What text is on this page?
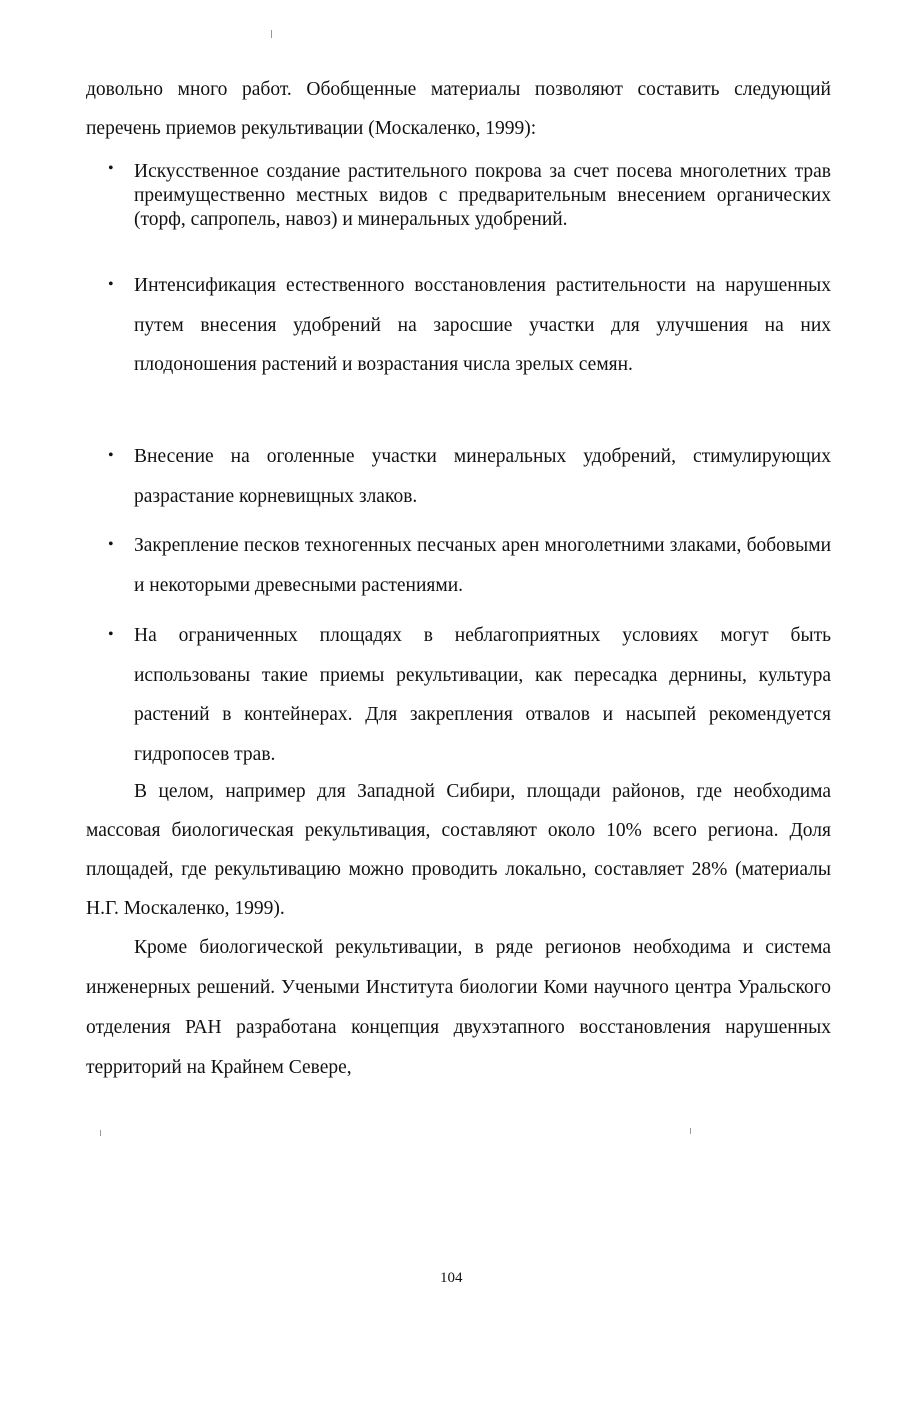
довольно много работ. Обобщенные материалы позволяют составить следующий перечень приемов рекультивации (Москаленко, 1999):

• Искусственное создание растительного покрова за счет посева многолетних трав преимущественно местных видов с предварительным внесением органических (торф, сапропель, навоз) и минеральных удобрений.
• Интенсификация естественного восстановления растительности на нарушенных путем внесения удобрений на заросшие участки для улучшения на них плодоношения растений и возрастания числа зрелых семян.
• Внесение на оголенные участки минеральных удобрений, стимулирующих разрастание корневищных злаков.
• Закрепление песков техногенных песчаных арен многолетними злаками, бобовыми и некоторыми древесными растениями.
• На ограниченных площадях в неблагоприятных условиях могут быть использованы такие приемы рекультивации, как пересадка дернины, культура растений в контейнерах. Для закрепления отвалов и насыпей рекомендуется гидропосев трав.

В целом, например для Западной Сибири, площади районов, где необходима массовая биологическая рекультивация, составляют около 10% всего региона. Доля площадей, где рекультивацию можно проводить локально, составляет 28% (материалы Н.Г. Москаленко, 1999).

Кроме биологической рекультивации, в ряде регионов необходима и система инженерных решений. Учеными Института биологии Коми научного центра Уральского отделения РАН разработана концепция двухэтапного восстановления нарушенных территорий на Крайнем Севере,

104
